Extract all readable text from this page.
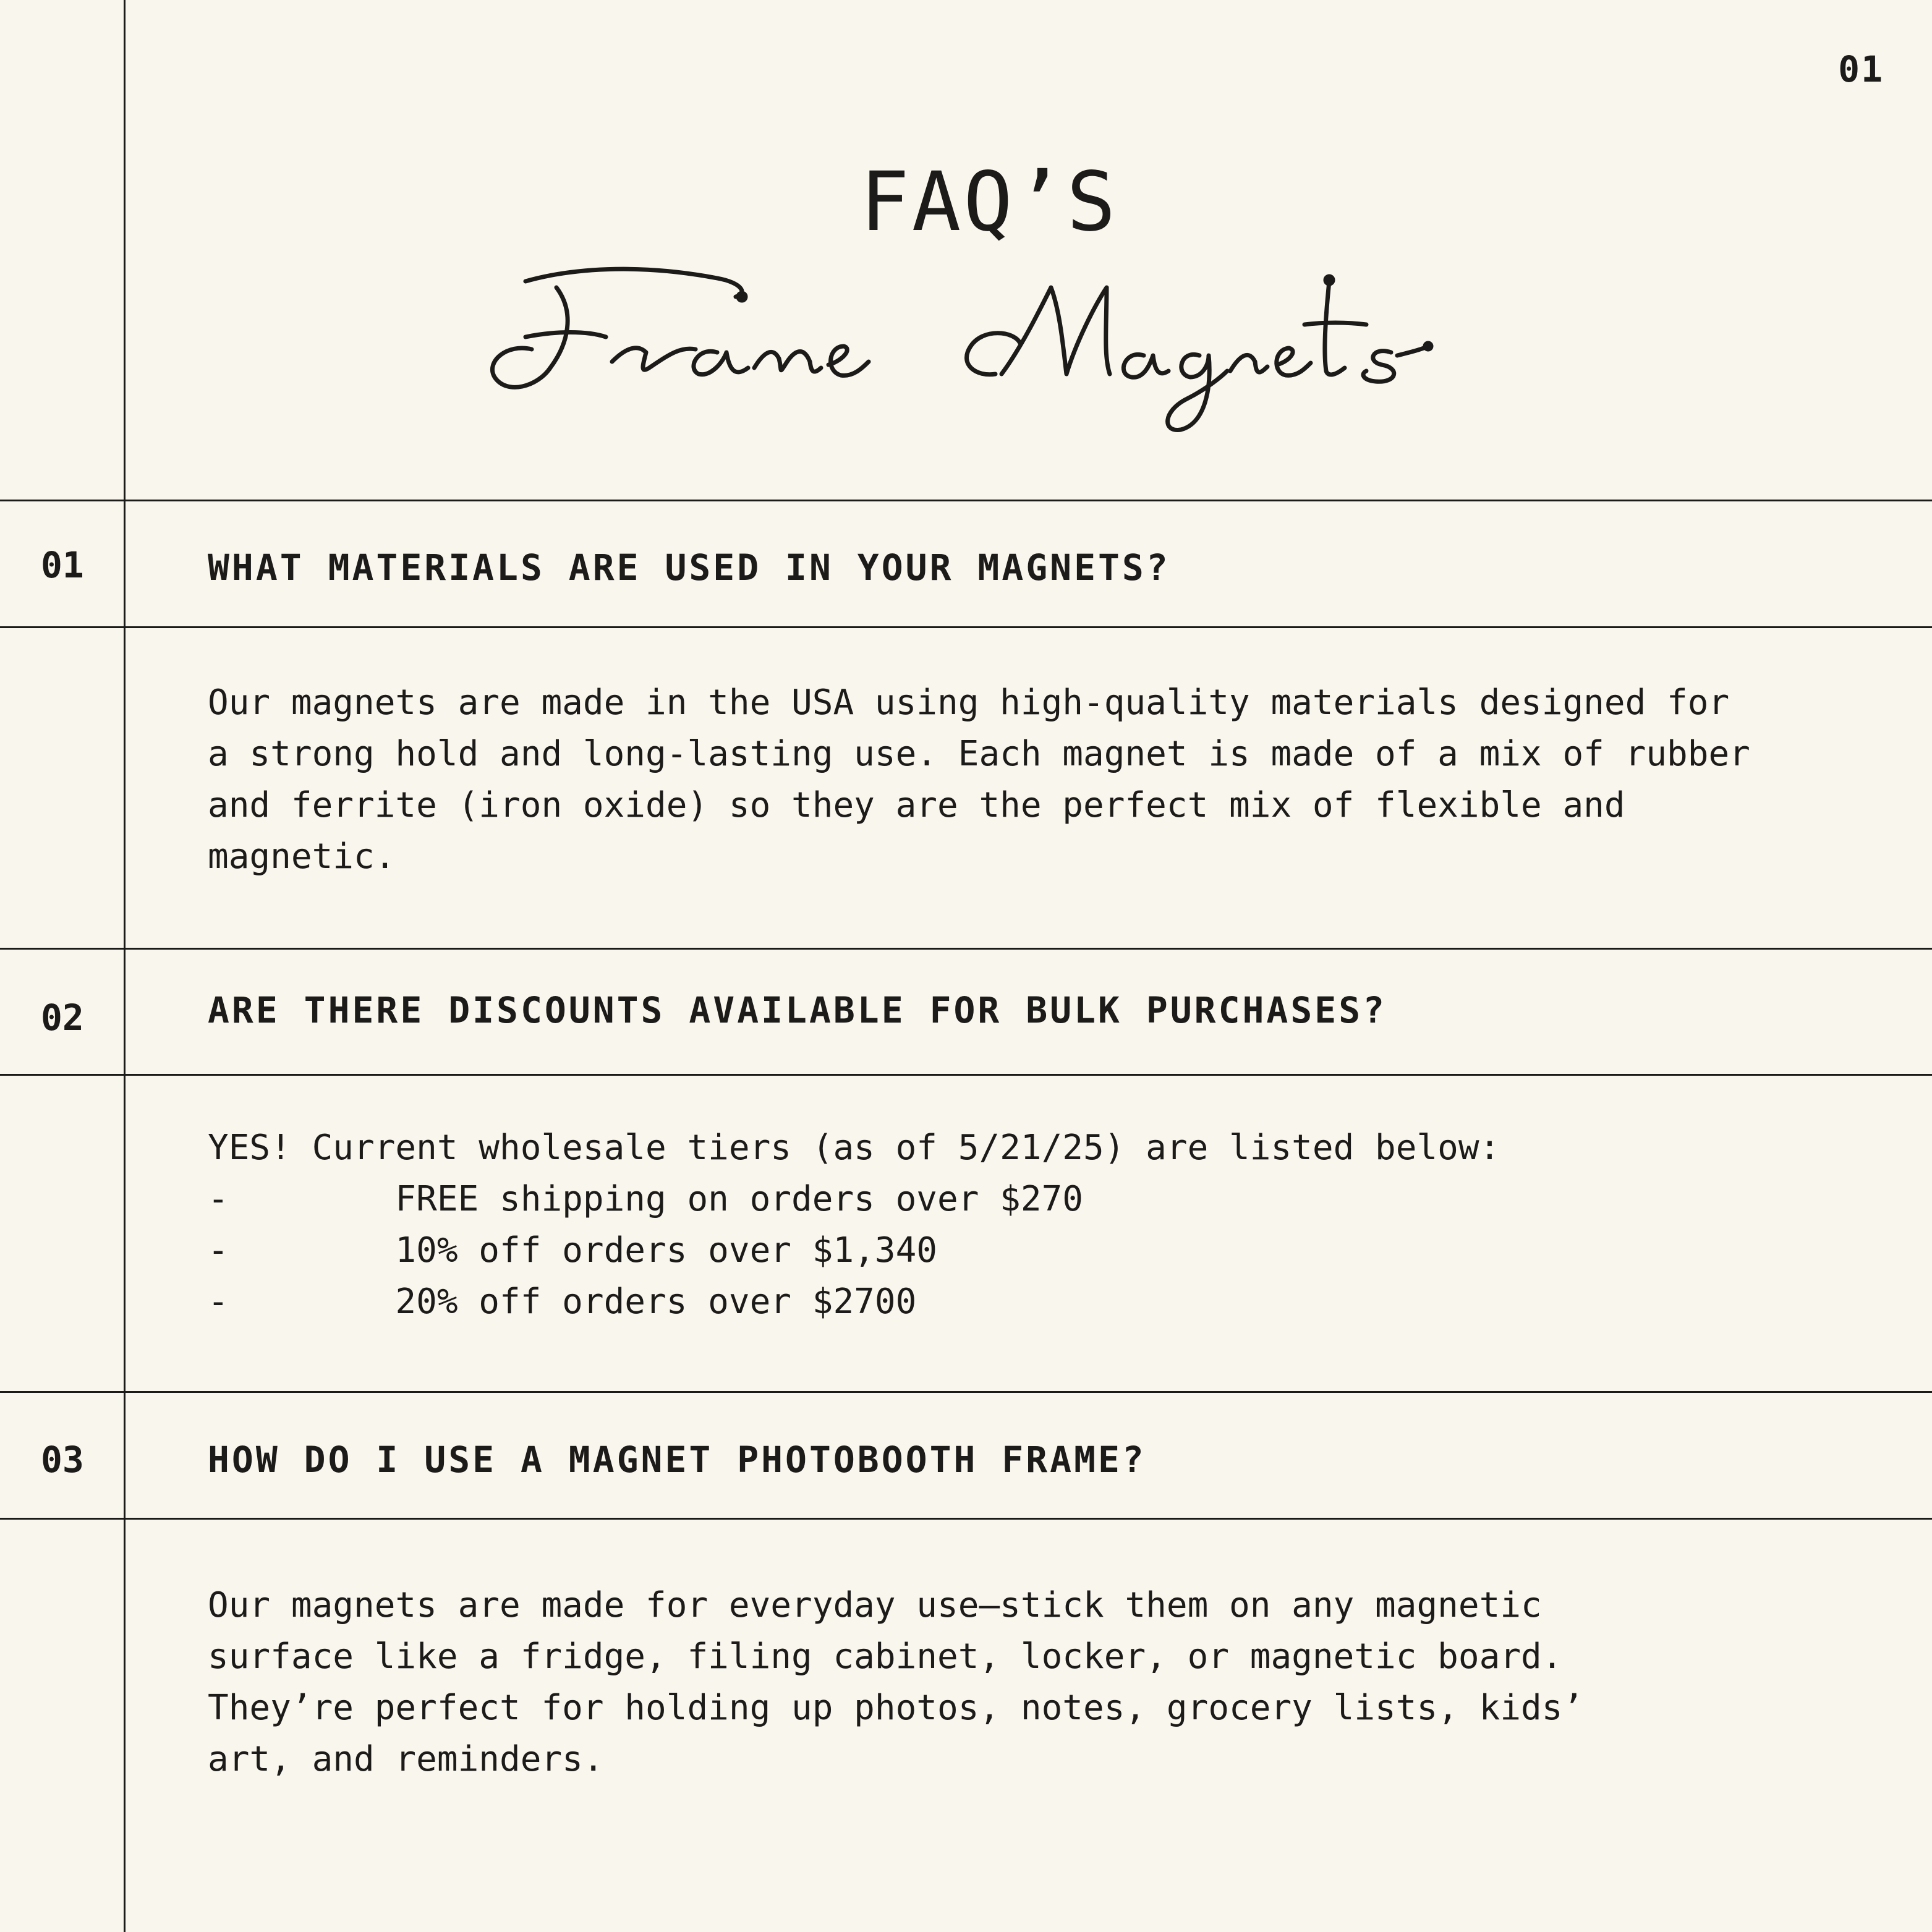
01
FAQ’S
01	WHAT MATERIALS ARE USED IN YOUR MAGNETS?
Our magnets are made in the USA using high-quality materials designed for
a strong hold and long-lasting use. Each magnet is made of a mix of rubber
and ferrite (iron oxide) so they are the perfect mix of flexible and
magnetic.
02	ARE THERE DISCOUNTS AVAILABLE FOR BULK PURCHASES?
YES! Current wholesale tiers (as of 5/21/25) are listed below:
-        FREE shipping on orders over $270
-        10% off orders over $1,340
-        20% off orders over $2700
03	HOW DO I USE A MAGNET PHOTOBOOTH FRAME?
Our magnets are made for everyday use—stick them on any magnetic
surface like a fridge, filing cabinet, locker, or magnetic board.
They’re perfect for holding up photos, notes, grocery lists, kids’
art, and reminders.
